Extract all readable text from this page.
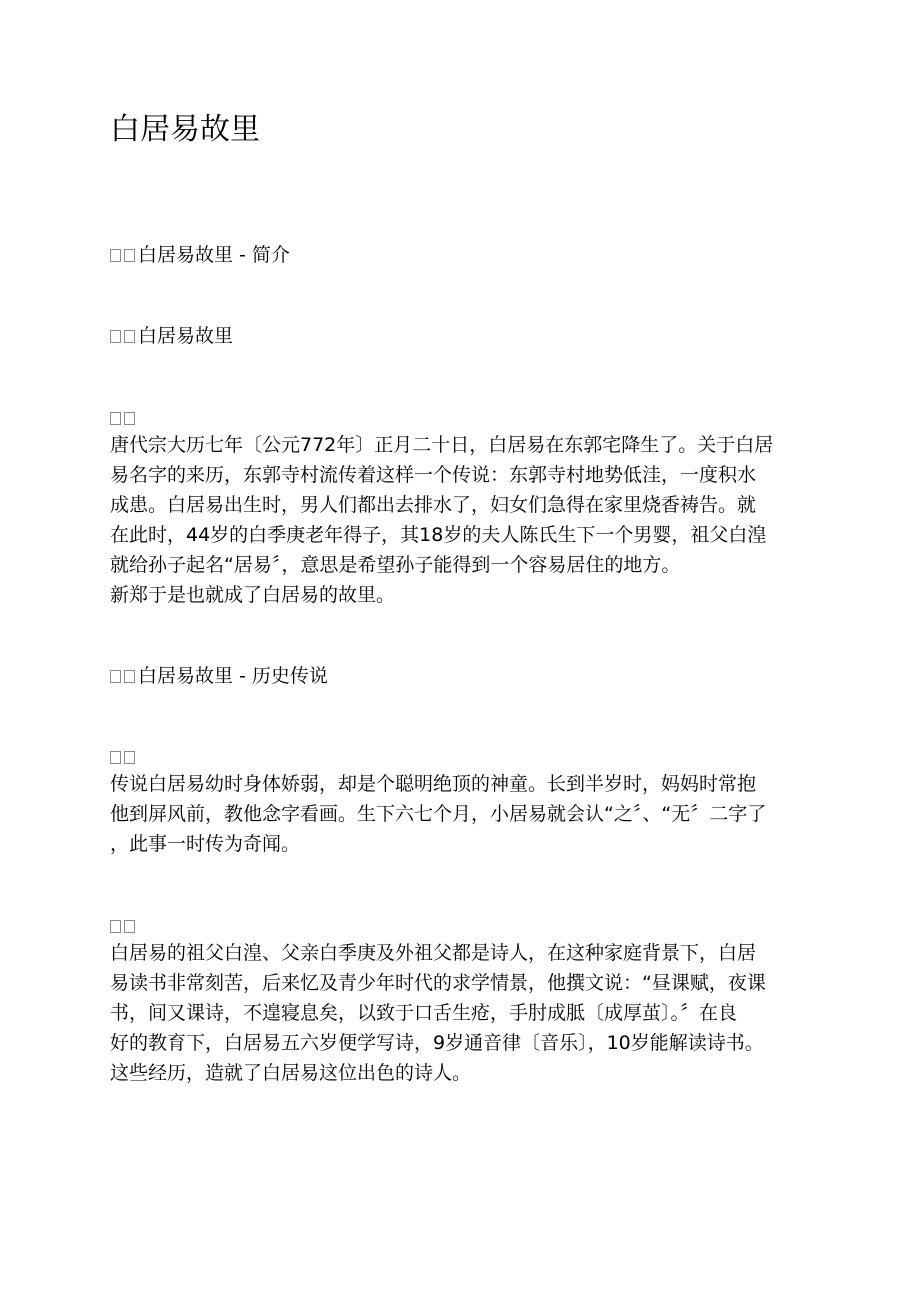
白居易故里
白居易故里 - 简介
白居易故里
唐代宗大历七年〔公元772年〕正月二十日，白居易在东郭宅降生了。关于白居
易名字的来历，东郭寺村流传着这样一个传说：东郭寺村地势低洼，一度积水
成患。白居易出生时，男人们都出去排水了，妇女们急得在家里烧香祷告。就
在此时，44岁的白季庚老年得子，其18岁的夫人陈氏生下一个男婴，祖父白湟
就给孙子起名“居易〞，意思是希望孙子能得到一个容易居住的地方。
新郑于是也就成了白居易的故里。
白居易故里 - 历史传说
传说白居易幼时身体娇弱，却是个聪明绝顶的神童。长到半岁时，妈妈时常抱
他到屏风前，教他念字看画。生下六七个月，小居易就会认“之〞、“无〞二字了
，此事一时传为奇闻。
白居易的祖父白湟、父亲白季庚及外祖父都是诗人，在这种家庭背景下，白居
易读书非常刻苦，后来忆及青少年时代的求学情景，他撰文说：“昼课赋，夜课
书，间又课诗，不遑寝息矣，以致于口舌生疮，手肘成胝〔成厚茧〕。〞在良
好的教育下，白居易五六岁便学写诗，9岁通音律〔音乐〕，10岁能解读诗书。
这些经历，造就了白居易这位出色的诗人。
